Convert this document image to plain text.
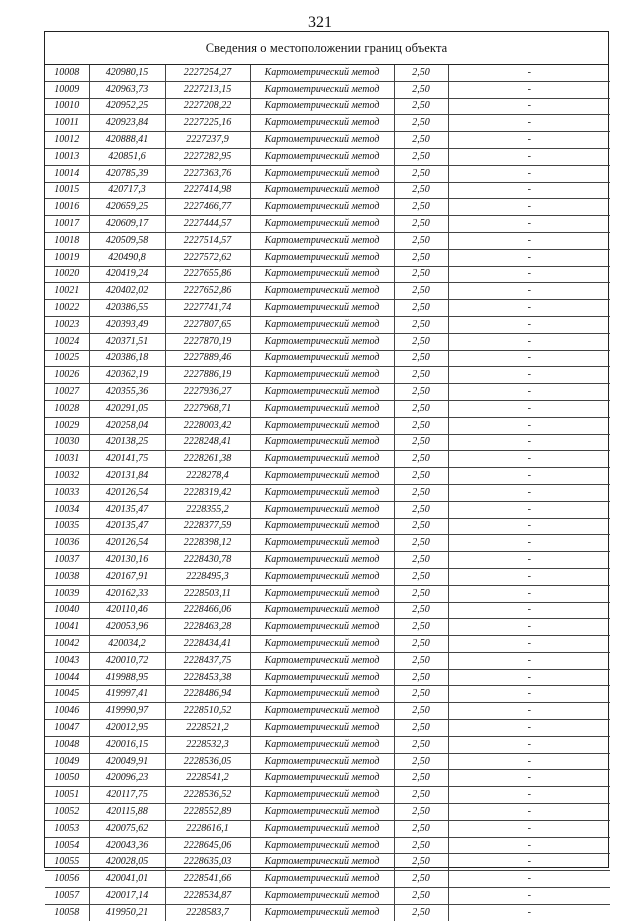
321
Сведения о местоположении границ объекта
10008	420980,15	2227254,27	Картометрический метод	2,50	-
10009	420963,73	2227213,15	Картометрический метод	2,50	-
10010	420952,25	2227208,22	Картометрический метод	2,50	-
10011	420923,84	2227225,16	Картометрический метод	2,50	-
10012	420888,41	2227237,9	Картометрический метод	2,50	-
10013	420851,6	2227282,95	Картометрический метод	2,50	-
10014	420785,39	2227363,76	Картометрический метод	2,50	-
10015	420717,3	2227414,98	Картометрический метод	2,50	-
10016	420659,25	2227466,77	Картометрический метод	2,50	-
10017	420609,17	2227444,57	Картометрический метод	2,50	-
10018	420509,58	2227514,57	Картометрический метод	2,50	-
10019	420490,8	2227572,62	Картометрический метод	2,50	-
10020	420419,24	2227655,86	Картометрический метод	2,50	-
10021	420402,02	2227652,86	Картометрический метод	2,50	-
10022	420386,55	2227741,74	Картометрический метод	2,50	-
10023	420393,49	2227807,65	Картометрический метод	2,50	-
10024	420371,51	2227870,19	Картометрический метод	2,50	-
10025	420386,18	2227889,46	Картометрический метод	2,50	-
10026	420362,19	2227886,19	Картометрический метод	2,50	-
10027	420355,36	2227936,27	Картометрический метод	2,50	-
10028	420291,05	2227968,71	Картометрический метод	2,50	-
10029	420258,04	2228003,42	Картометрический метод	2,50	-
10030	420138,25	2228248,41	Картометрический метод	2,50	-
10031	420141,75	2228261,38	Картометрический метод	2,50	-
10032	420131,84	2228278,4	Картометрический метод	2,50	-
10033	420126,54	2228319,42	Картометрический метод	2,50	-
10034	420135,47	2228355,2	Картометрический метод	2,50	-
10035	420135,47	2228377,59	Картометрический метод	2,50	-
10036	420126,54	2228398,12	Картометрический метод	2,50	-
10037	420130,16	2228430,78	Картометрический метод	2,50	-
10038	420167,91	2228495,3	Картометрический метод	2,50	-
10039	420162,33	2228503,11	Картометрический метод	2,50	-
10040	420110,46	2228466,06	Картометрический метод	2,50	-
10041	420053,96	2228463,28	Картометрический метод	2,50	-
10042	420034,2	2228434,41	Картометрический метод	2,50	-
10043	420010,72	2228437,75	Картометрический метод	2,50	-
10044	419988,95	2228453,38	Картометрический метод	2,50	-
10045	419997,41	2228486,94	Картометрический метод	2,50	-
10046	419990,97	2228510,52	Картометрический метод	2,50	-
10047	420012,95	2228521,2	Картометрический метод	2,50	-
10048	420016,15	2228532,3	Картометрический метод	2,50	-
10049	420049,91	2228536,05	Картометрический метод	2,50	-
10050	420096,23	2228541,2	Картометрический метод	2,50	-
10051	420117,75	2228536,52	Картометрический метод	2,50	-
10052	420115,88	2228552,89	Картометрический метод	2,50	-
10053	420075,62	2228616,1	Картометрический метод	2,50	-
10054	420043,36	2228645,06	Картометрический метод	2,50	-
10055	420028,05	2228635,03	Картометрический метод	2,50	-
10056	420041,01	2228541,66	Картометрический метод	2,50	-
10057	420017,14	2228534,87	Картометрический метод	2,50	-
10058	419950,21	2228583,7	Картометрический метод	2,50	-
